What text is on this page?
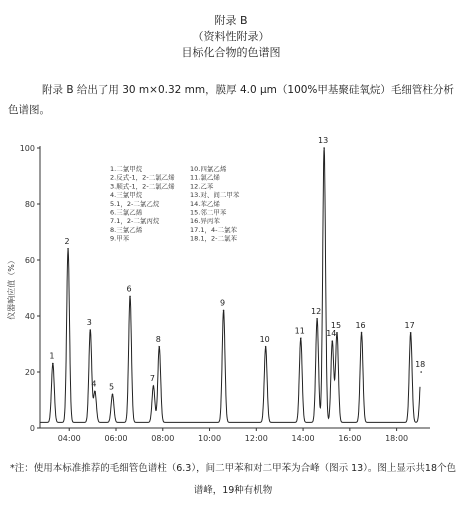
附录 B
（资料性附录）
目标化合物的色谱图
附录 B 给出了用 30 m×0.32 mm，膜厚 4.0 μm（100%甲基聚硅氧烷）毛细管柱分析色谱图。
0
20
40
60
80
100
04:00	06:00	08:00	10:00	12:00	14:00	16:00	18:00
仪器响应值（%）
1
2
3
4 5
6
7
8
9
10
11
12
13
14
15 16	17
18
1.二氯甲烷
2.反式-1，2-二氯乙烯
3.顺式-1，2-二氯乙烯
4.三氯甲烷
5.1，2-二氯乙烷
6.三氯乙烯
7.1，2-二氯丙烷
8.三氯乙烯
9.甲苯
10.四氯乙烯
11.氯乙烯
12.乙苯
13.对、间二甲苯
14.苯乙烯
15.邻二甲苯
16.异丙苯
17.1，4-二氯苯
18.1，2-二氯苯
*注：使用本标准推荐的毛细管色谱柱（6.3），间二甲苯和对二甲苯为合峰（图示 13）。图上显示共18个色谱峰，19种有机物
